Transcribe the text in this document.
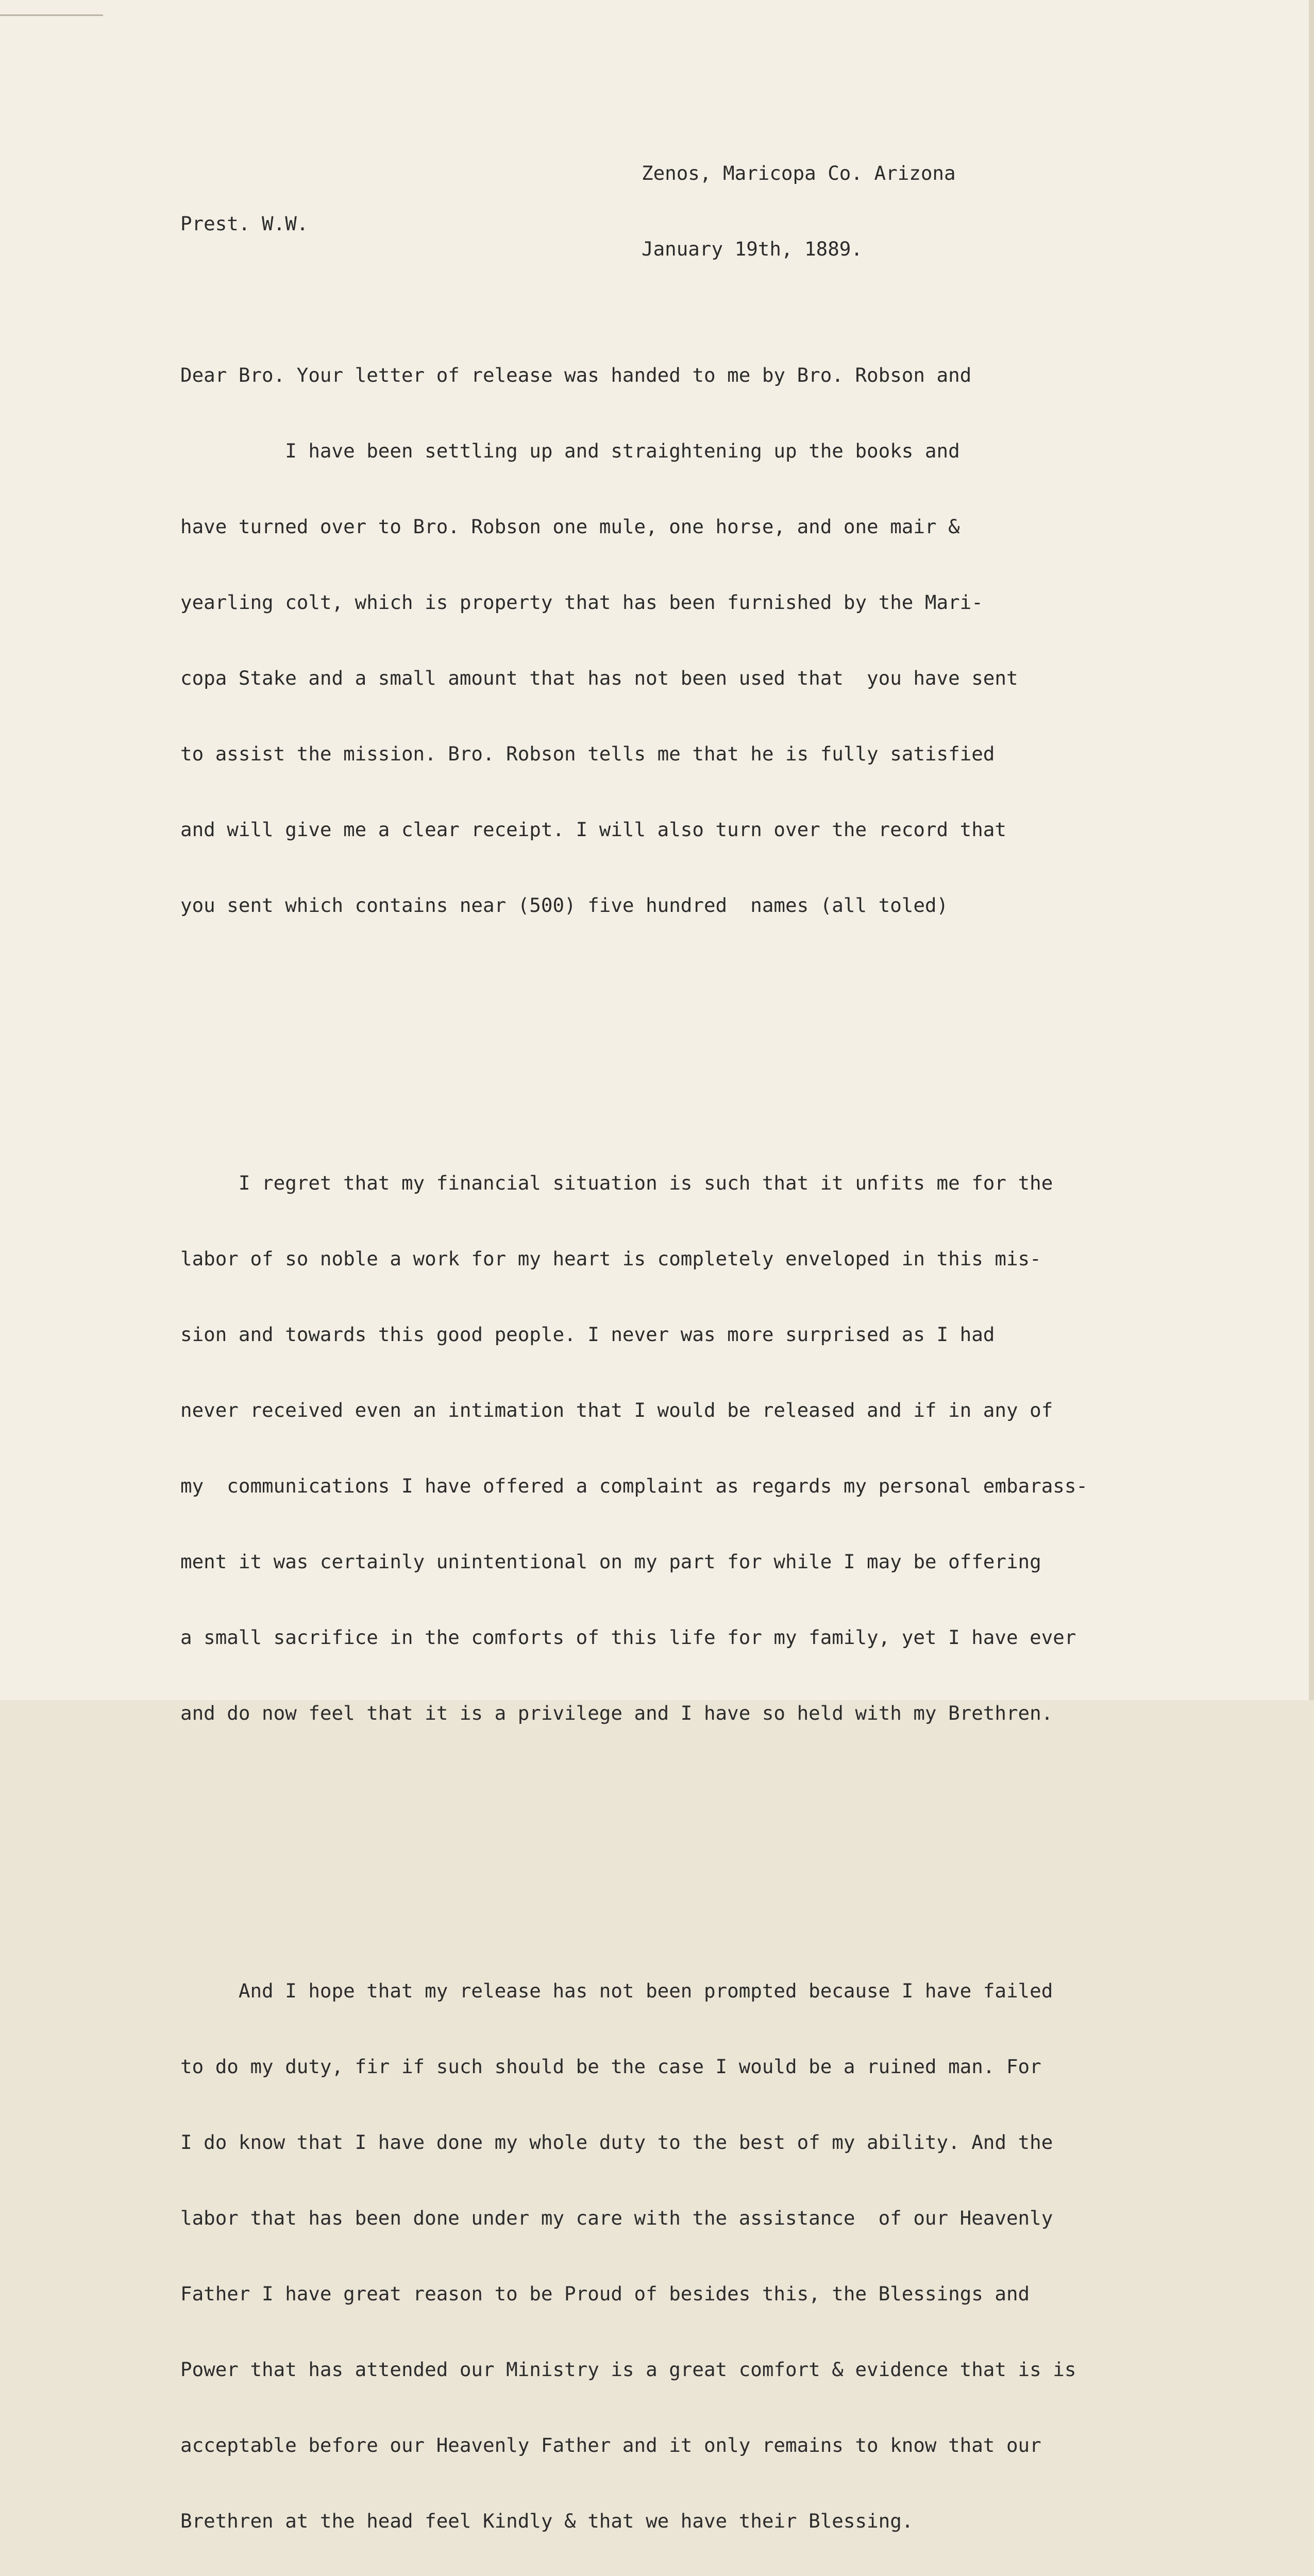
Zenos, Maricopa Co. Arizona

January 19th, 1889.

Prest. W.W.

Dear Bro. Your letter of release was handed to me by Bro. Robson and

I have been settling up and straightening up the books and

have turned over to Bro. Robson one mule, one horse, and one mair &

yearling colt, which is property that has been furnished by the Mari-

copa Stake and a small amount that has not been used that  you have sent

to assist the mission. Bro. Robson tells me that he is fully satisfied

and will give me a clear receipt. I will also turn over the record that

you sent which contains near (500) five hundred  names (all toled)

I regret that my financial situation is such that it unfits me for the

labor of so noble a work for my heart is completely enveloped in this mis-

sion and towards this good people. I never was more surprised as I had

never received even an intimation that I would be released and if in any of

my  communications I have offered a complaint as regards my personal embarass-

ment it was certainly unintentional on my part for while I may be offering

a small sacrifice in the comforts of this life for my family, yet I have ever

and do now feel that it is a privilege and I have so held with my Brethren.

And I hope that my release has not been prompted because I have failed

to do my duty, fir if such should be the case I would be a ruined man. For

I do know that I have done my whole duty to the best of my ability. And the

labor that has been done under my care with the assistance  of our Heavenly

Father I have great reason to be Proud of besides this, the Blessings and

Power that has attended our Ministry is a great comfort & evidence that is is

acceptable before our Heavenly Father and it only remains to know that our

Brethren at the head feel Kindly & that we have their Blessing.
